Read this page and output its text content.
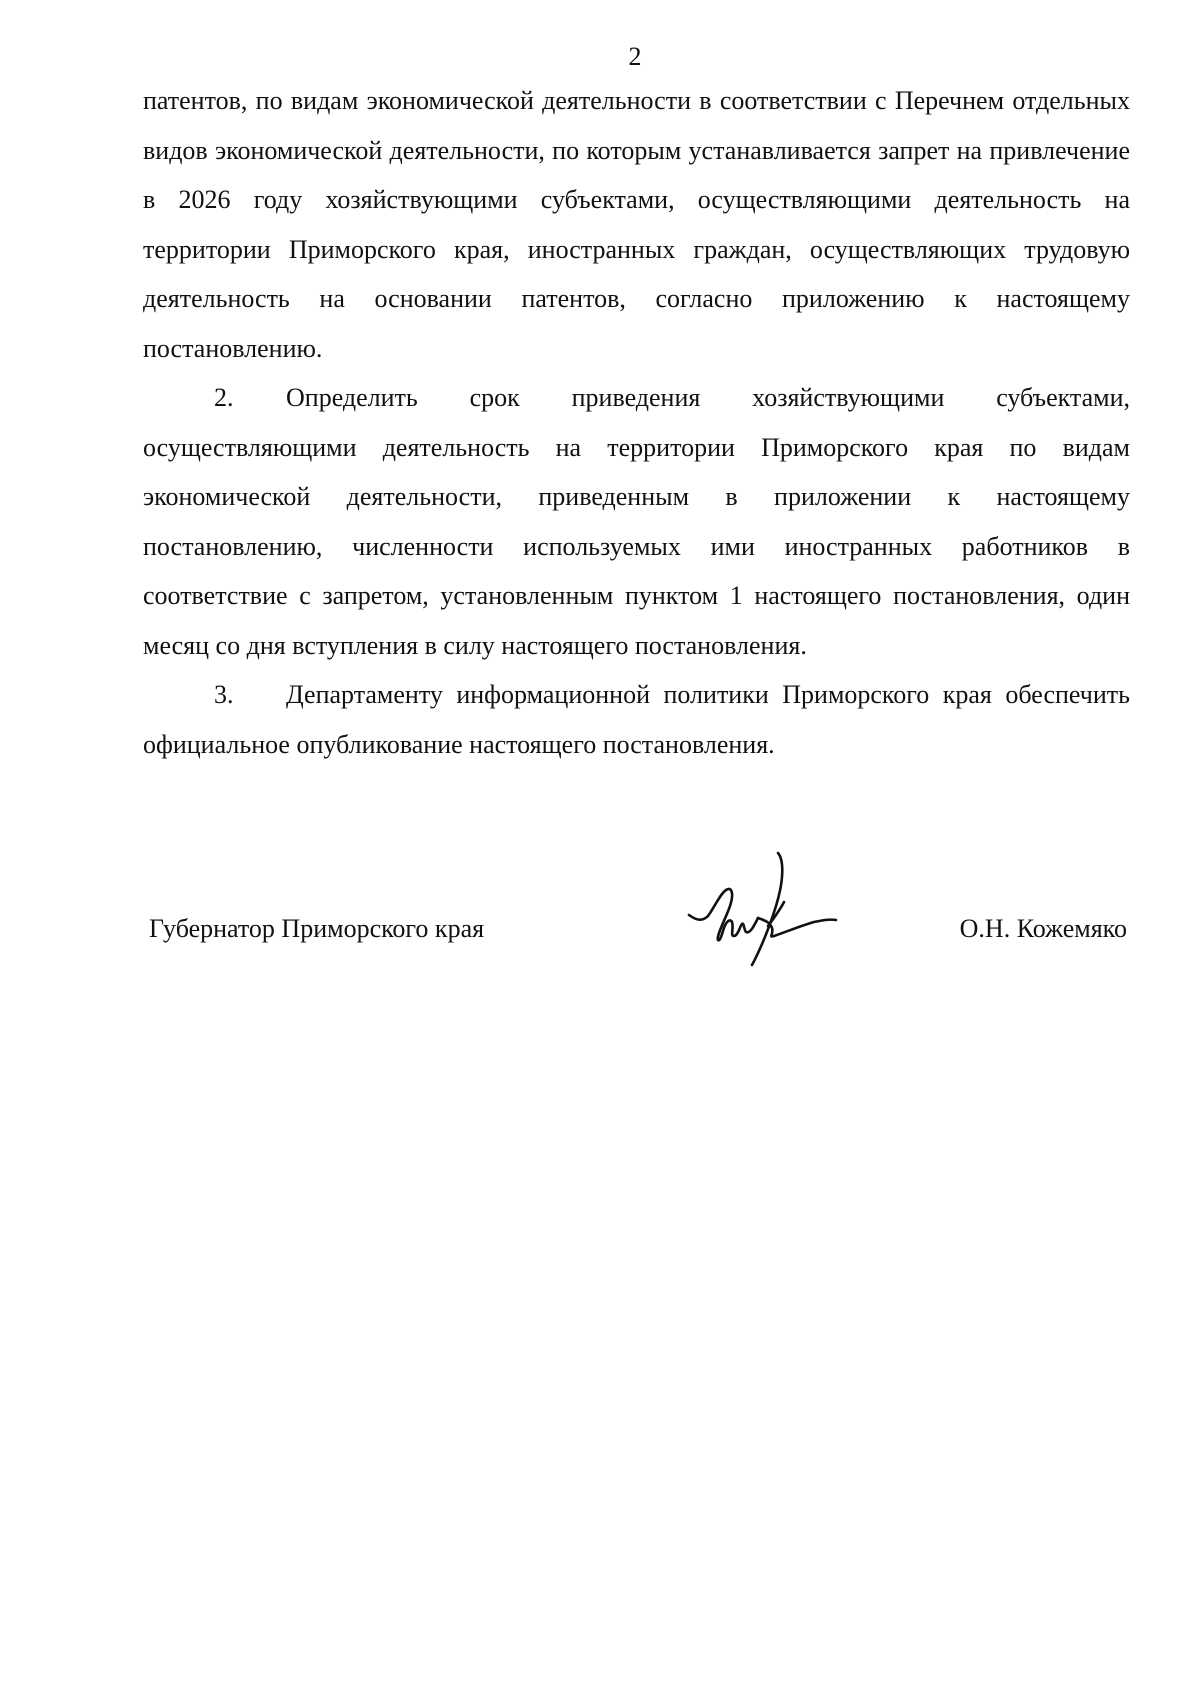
2

патентов, по видам экономической деятельности в соответствии с Перечнем отдельных видов экономической деятельности, по которым устанавливается запрет на привлечение в 2026 году хозяйствующими субъектами, осуществляющими деятельность на территории Приморского края, иностранных граждан, осуществляющих трудовую деятельность на основании патентов, согласно приложению к настоящему постановлению.

2. Определить срок приведения хозяйствующими субъектами, осуществляющими деятельность на территории Приморского края по видам экономической деятельности, приведенным в приложении к настоящему постановлению, численности используемых ими иностранных работников в соответствие с запретом, установленным пунктом 1 настоящего постановления, один месяц со дня вступления в силу настоящего постановления.

3. Департаменту информационной политики Приморского края обеспечить официальное опубликование настоящего постановления.

Губернатор Приморского края	О.Н. Кожемяко
